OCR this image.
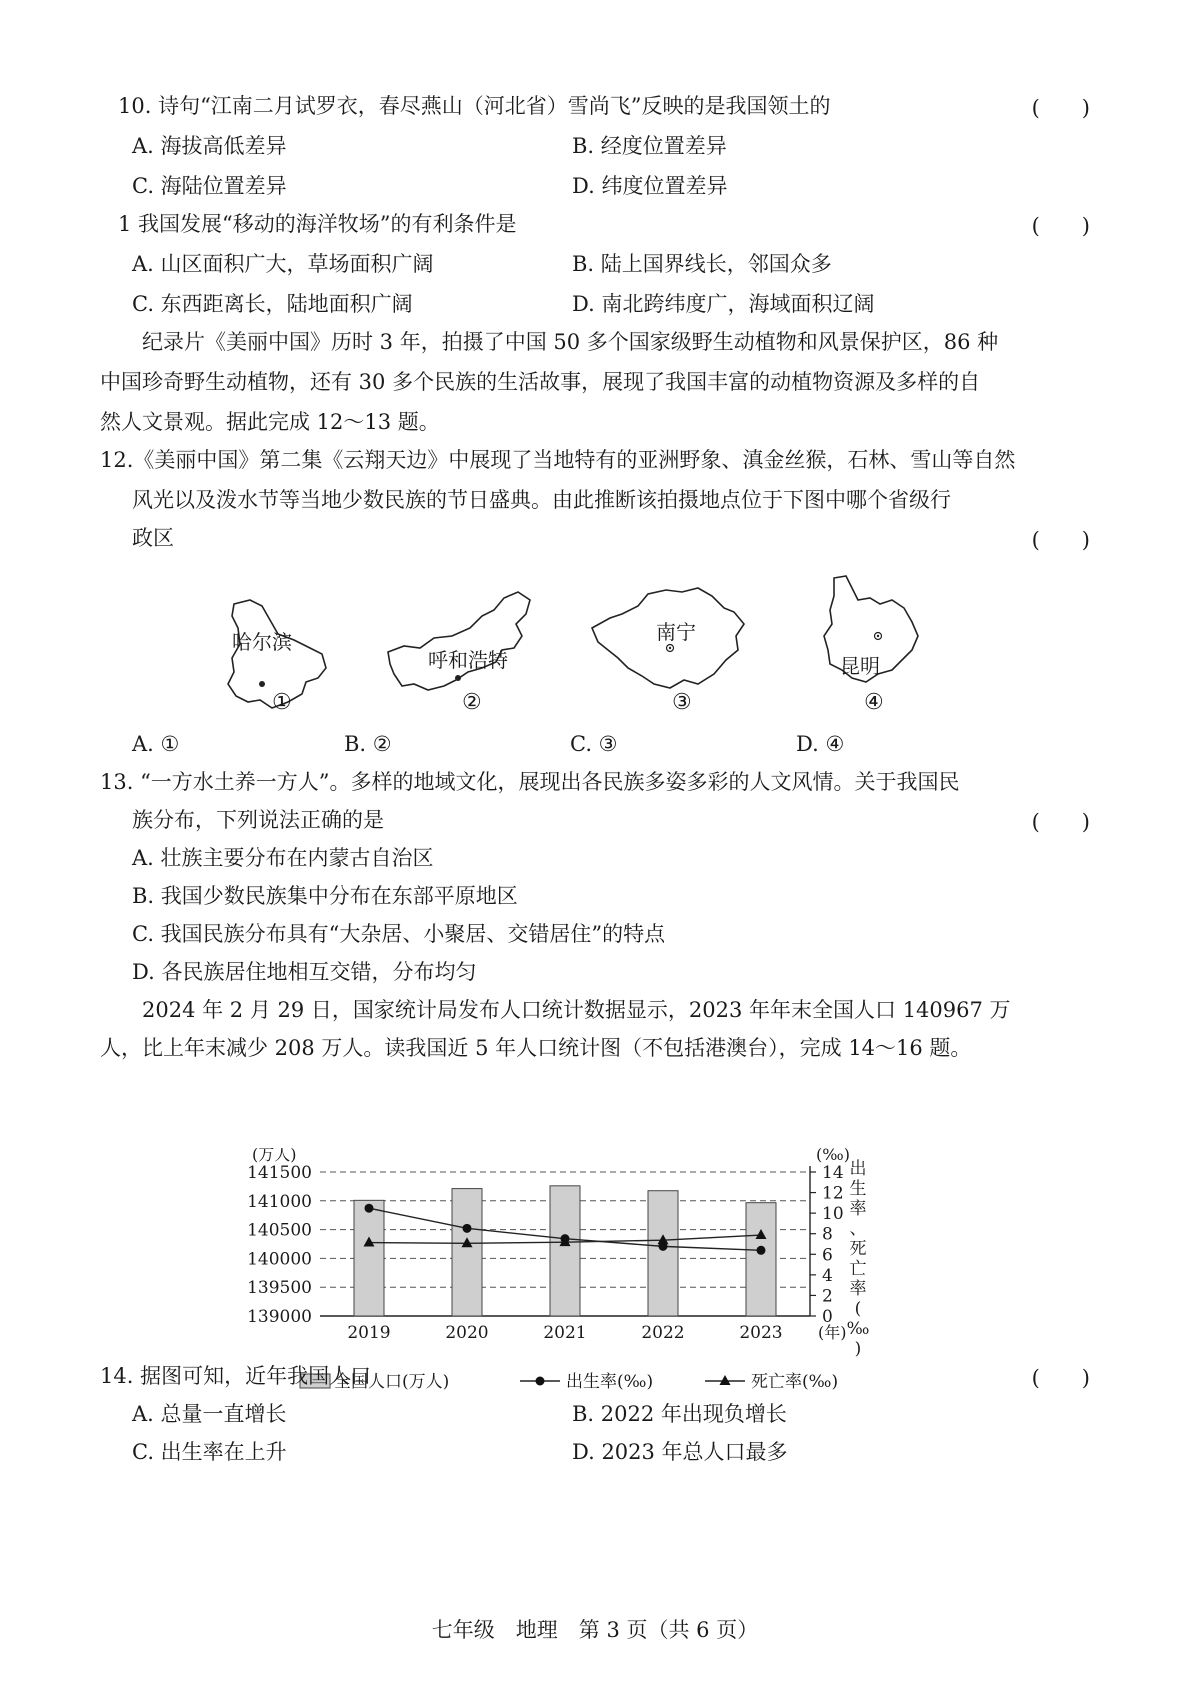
10. 诗句“江南二月试罗衣，春尽燕山（河北省）雪尚飞”反映的是我国领土的	(　　)
A. 海拔高低差异	B. 经度位置差异
C. 海陆位置差异	D. 纬度位置差异
1 我国发展“移动的海洋牧场”的有利条件是	(　　)
A. 山区面积广大，草场面积广阔	B. 陆上国界线长，邻国众多
C. 东西距离长，陆地面积广阔	D. 南北跨纬度广，海域面积辽阔
　　纪录片《美丽中国》历时 3 年，拍摄了中国 50 多个国家级野生动植物和风景保护区，86 种
中国珍奇野生动植物，还有 30 多个民族的生活故事，展现了我国丰富的动植物资源及多样的自
然人文景观。据此完成 12～13 题。
12.《美丽中国》第二集《云翔天边》中展现了当地特有的亚洲野象、滇金丝猴，石林、雪山等自然
风光以及泼水节等当地少数民族的节日盛典。由此推断该拍摄地点位于下图中哪个省级行
政区	(　　)
哈尔滨
①
呼和浩特
②
南宁
③
昆明
④
A. ①	B. ②	C. ③	D. ④
13. “一方水土养一方人”。多样的地域文化，展现出各民族多姿多彩的人文风情。关于我国民
族分布，下列说法正确的是	(　　)
A. 壮族主要分布在内蒙古自治区
B. 我国少数民族集中分布在东部平原地区
C. 我国民族分布具有“大杂居、小聚居、交错居住”的特点
D. 各民族居住地相互交错，分布均匀
　　2024 年 2 月 29 日，国家统计局发布人口统计数据显示，2023 年年末全国人口 140967 万
人，比上年末减少 208 万人。读我国近 5 年人口统计图（不包括港澳台），完成 14～16 题。
(万人)	(‰)
139000
139500
140000
140500
141000
141500
0
2
4
6
8
10
12
14 出
生
率
、
死
亡
率
(
‰
)
2019	2020	2021	2022	2023 (年)
全国人口(万人)	出生率(‰)	死亡率(‰)
14. 据图可知，近年我国人口	(　　)
A. 总量一直增长	B. 2022 年出现负增长
C. 出生率在上升	D. 2023 年总人口最多
七年级　地理　第 3 页（共 6 页）
